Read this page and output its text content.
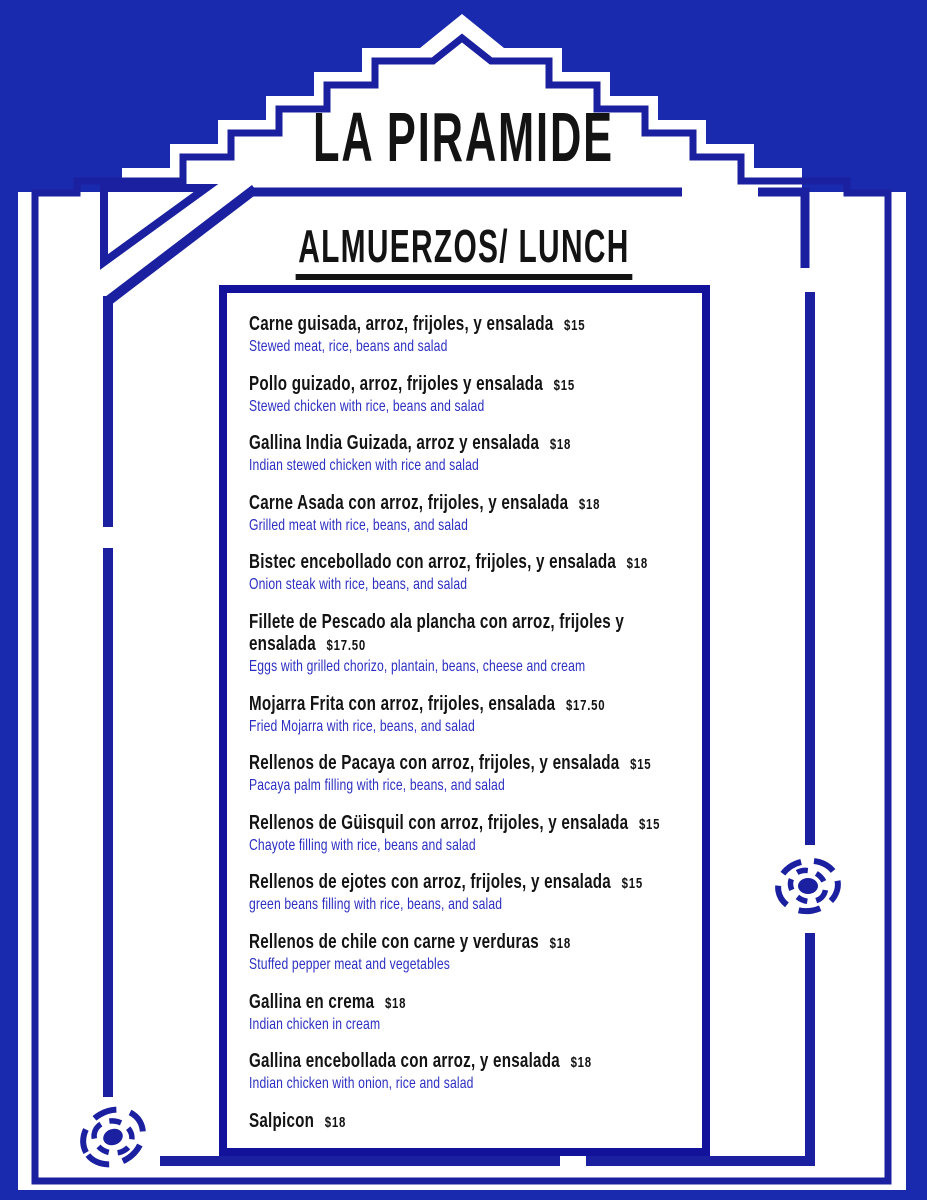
LA PIRAMIDE
ALMUERZOS/ LUNCH
Carne guisada, arroz, frijoles, y ensalada $15
Stewed meat, rice, beans and salad
Pollo guizado, arroz, frijoles y ensalada $15
Stewed chicken with rice, beans and salad
Gallina India Guizada, arroz y ensalada $18
Indian stewed chicken with rice and salad
Carne Asada con arroz, frijoles, y ensalada $18
Grilled meat with rice, beans, and salad
Bistec encebollado con arroz, frijoles, y ensalada $18
Onion steak with rice, beans, and salad
Fillete de Pescado ala plancha con arroz, frijoles y ensalada $17.50
Eggs with grilled chorizo, plantain, beans, cheese and cream
Mojarra Frita con arroz, frijoles, ensalada $17.50
Fried Mojarra with rice, beans, and salad
Rellenos de Pacaya con arroz, frijoles, y ensalada $15
Pacaya palm filling with rice, beans, and salad
Rellenos de Güisquil con arroz, frijoles, y ensalada $15
Chayote filling with rice, beans and salad
Rellenos de ejotes con arroz, frijoles, y ensalada $15
green beans filling with rice, beans, and salad
Rellenos de chile con carne y verduras $18
Stuffed pepper meat and vegetables
Gallina en crema $18
Indian chicken in cream
Gallina encebollada con arroz, y ensalada $18
Indian chicken with onion, rice and salad
Salpicon $18
